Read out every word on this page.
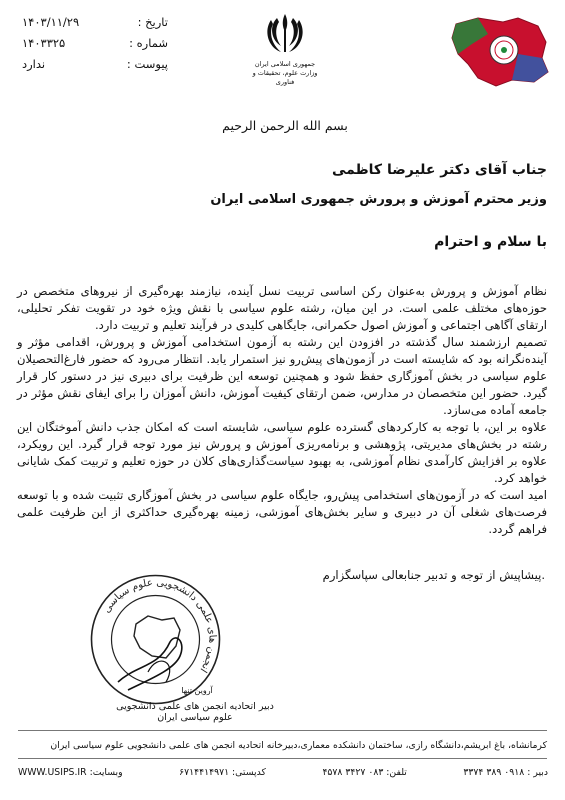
تاریخ :
۱۴۰۳/۱۱/۲۹
شماره :
۱۴۰۳۳۲۵
پیوست :
ندارد	جمهوری اسلامی ایران
وزارت علوم، تحقیقات و فناوری
بسم الله الرحمن الرحیم
جناب آقای دکتر علیرضا کاظمی
وزیر محترم آموزش و پرورش جمهوری اسلامی ایران
با سلام و احترام

نظام آموزش و پرورش به‌عنوان رکن اساسی تربیت نسل آینده، نیازمند بهره‌گیری از نیروهای متخصص در حوزه‌های مختلف علمی است. در این میان، رشته علوم سیاسی با نقش ویژه خود در تقویت تفکر تحلیلی، ارتقای آگاهی اجتماعی و آموزش اصول حکمرانی، جایگاهی کلیدی در فرآیند تعلیم و تربیت دارد.

تصمیم ارزشمند سال گذشته در افزودن این رشته به آزمون استخدامی آموزش و پرورش، اقدامی مؤثر و آینده‌نگرانه بود که شایسته است در آزمون‌های پیش‌رو نیز استمرار یابد. انتظار می‌رود که حضور فارغ‌التحصیلان علوم سیاسی در بخش آموزگاری حفظ شود و همچنین توسعه این ظرفیت برای دبیری نیز در دستور کار قرار گیرد. حضور این متخصصان در مدارس، ضمن ارتقای کیفیت آموزش، دانش آموزان را برای ایفای نقش مؤثر در جامعه آماده می‌سازد.

علاوه بر این، با توجه به کارکردهای گسترده علوم سیاسی، شایسته است که امکان جذب دانش آموختگان این رشته در بخش‌های مدیریتی، پژوهشی و برنامه‌ریزی آموزش و پرورش نیز مورد توجه قرار گیرد. این رویکرد، علاوه بر افزایش کارآمدی نظام آموزشی، به بهبود سیاست‌گذاری‌های کلان در حوزه تعلیم و تربیت کمک شایانی خواهد کرد.

امید است که در آزمون‌های استخدامی پیش‌رو، جایگاه علوم سیاسی در بخش آموزگاری تثبیت شده و با توسعه فرصت‌های شغلی آن در دبیری و سایر بخش‌های آموزشی، زمینه بهره‌گیری حداکثری از این ظرفیت علمی فراهم گردد.

.پیشاپیش از توجه و تدبیر جنابعالی سپاسگزارم
انجمن های علمی دانشجویی علوم سیاسی
آروین تنها
دبیر اتحادیه انجمن های علمی دانشجویی علوم سیاسی ایران
کرمانشاه، باغ ابریشم،دانشگاه رازی، ساختمان دانشکده معماری،دبیرخانه اتحادیه انجمن های علمی دانشجویی علوم سیاسی ایران
دبیر : ۰۹۱۸ ۳۸۹ ۳۳۷۴
تلفن: ۰۸۳ ۳۴۲۷ ۴۵۷۸
کدپستی: ۶۷۱۴۴۱۴۹۷۱
وبسایت: WWW.USIPS.IR
